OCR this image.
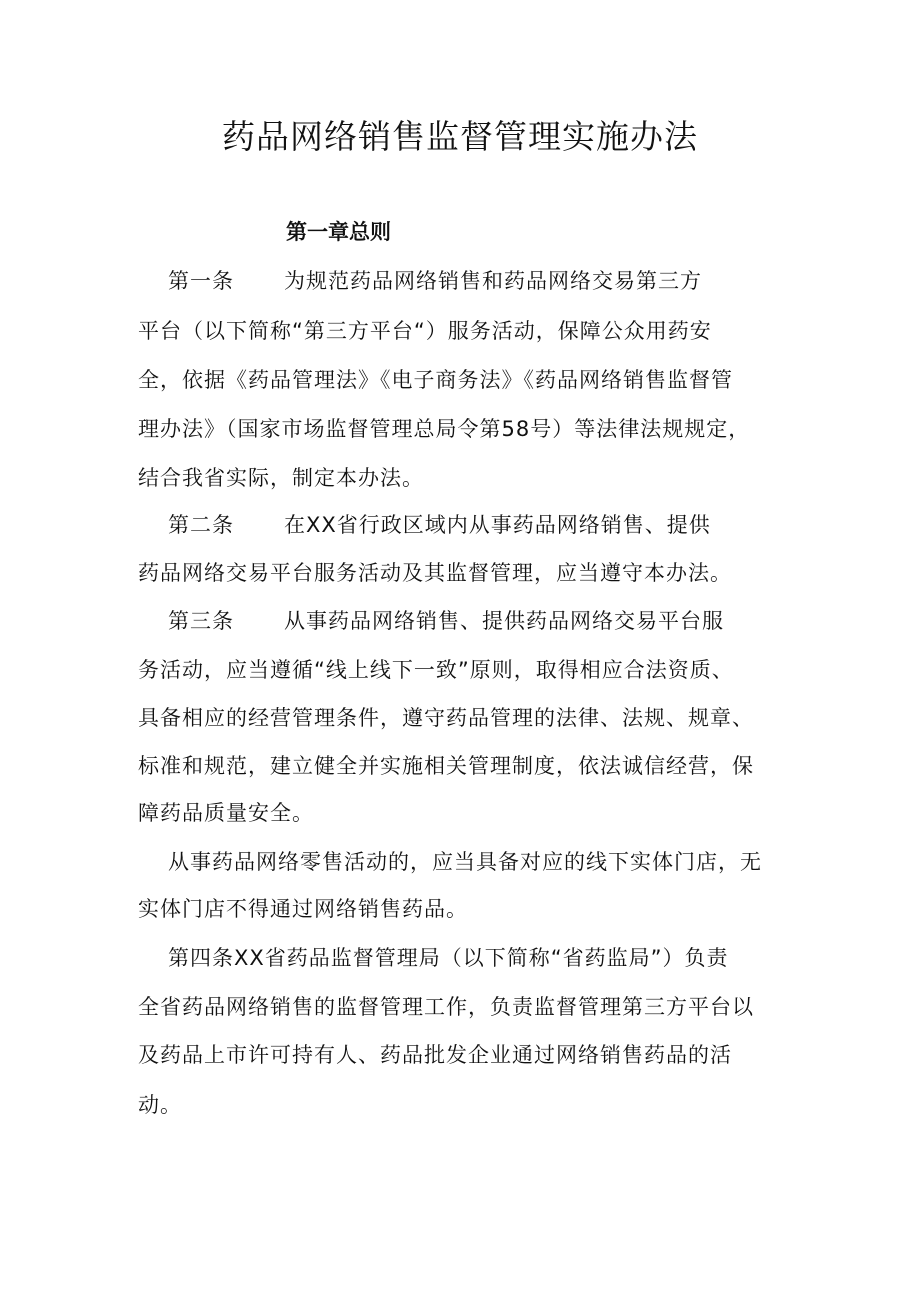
药品网络销售监督管理实施办法
第一章总则
第一条 为规范药品网络销售和药品网络交易第三方
平台（以下简称“第三方平台“）服务活动，保障公众用药安
全，依据《药品管理法》《电子商务法》《药品网络销售监督管
理办法》（国家市场监督管理总局令第58号）等法律法规规定，
结合我省实际，制定本办法。
第二条 在XX省行政区域内从事药品网络销售、提供
药品网络交易平台服务活动及其监督管理，应当遵守本办法。
第三条 从事药品网络销售、提供药品网络交易平台服
务活动，应当遵循“线上线下一致”原则，取得相应合法资质、
具备相应的经营管理条件，遵守药品管理的法律、法规、规章、
标准和规范，建立健全并实施相关管理制度，依法诚信经营，保
障药品质量安全。
从事药品网络零售活动的，应当具备对应的线下实体门店，无
实体门店不得通过网络销售药品。
第四条XX省药品监督管理局（以下简称“省药监局”）负责
全省药品网络销售的监督管理工作，负责监督管理第三方平台以
及药品上市许可持有人、药品批发企业通过网络销售药品的活
动。
